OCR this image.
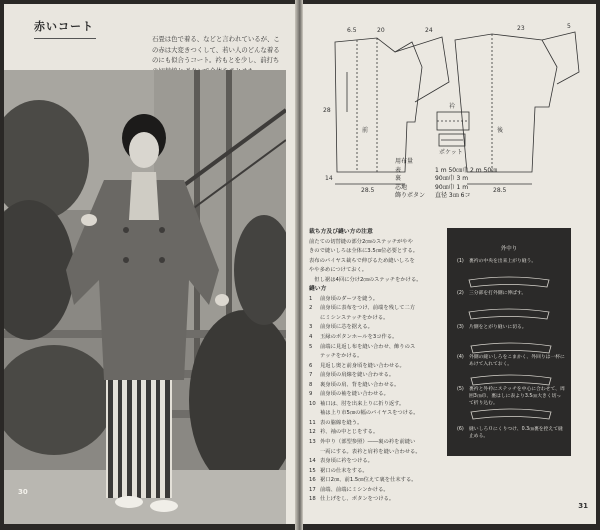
赤いコート

石畳は色で着る、などと言われているが、こ

の赤は大変きつくして、若い人のどんな着る

のにも似合うコート。衿もとを少し、前打ち

30
6.5	20
28.5
28
14
28.5
23
24
5
前	後
衿
ポケット
用布量
表	1 m 50㎝巾 2 m 50㎝
裏	90㎝巾 3 m
芯地	90㎝巾 1 m
飾りボタン	直径 3㎝ 6コ
裁ち方及び縫い方の注意

前たての切替縫の部分2㎝のステッチがやや

きので縫いしろは全体に3.5㎝位必要とする。

表布のバイヤス裁ちで伸びるため縫いしろを

やや多めにつけておく。

　但し裾は4回に分け2㎝のステッチをかける。

縫い方
1	前身頃のダーツを縫う。
2	前身頃に表布をつけ、前端を残して二方
にミシンステッチをかける。
3	前身頃に芯を据える。
4	玉縁のボタンホールを3コ作る。
5	前端に見返し布を縫い合わせ、飾りのス
テッチをかける。
6	見返し奥と前身頃を縫い合わせる。
7	前身頃の肩線を縫い合わせる。
8	裏身頃の肩、背を縫い合わせる。
9	前身頃の袖を縫い合わせる。
10 袖口は、肘を出来上りに折り返す。
袖は上り市5㎝の幅のバイヤスをつける。
11 表の脇線を縫う。
12 衿、袖の中とじをする。
13 外中り（部型参照）――裏の衿を前縫い
一両にする。表衿と肩衿を縫い合わせる。
14 表身頃に衿をつける。
15 裾口の仕末をする。
16 裾口2㎝、前1.5㎝位えて裏を仕末する。
17 前端、前端にミシンかける。
18 仕上げをし、ボタンをつける。
外中り
(1) 裏衿の中央を出来上がり縫う。
(2) 三分部を打外側に伸ばす。
(3) 片側をとがり縫いに切る。
(4) 外側の縫いしろをこまかく、外回りは一杯にあけて入れておく。
(5) 裏衿と外衿にステッチを中心に合わせて、周囲3㎝巾、裏はしに表より3.5㎝大きく切って折り込む。
(6) 縫いしろ０にくりつけ、0.3㎝裏を控えて縫止める。
31
